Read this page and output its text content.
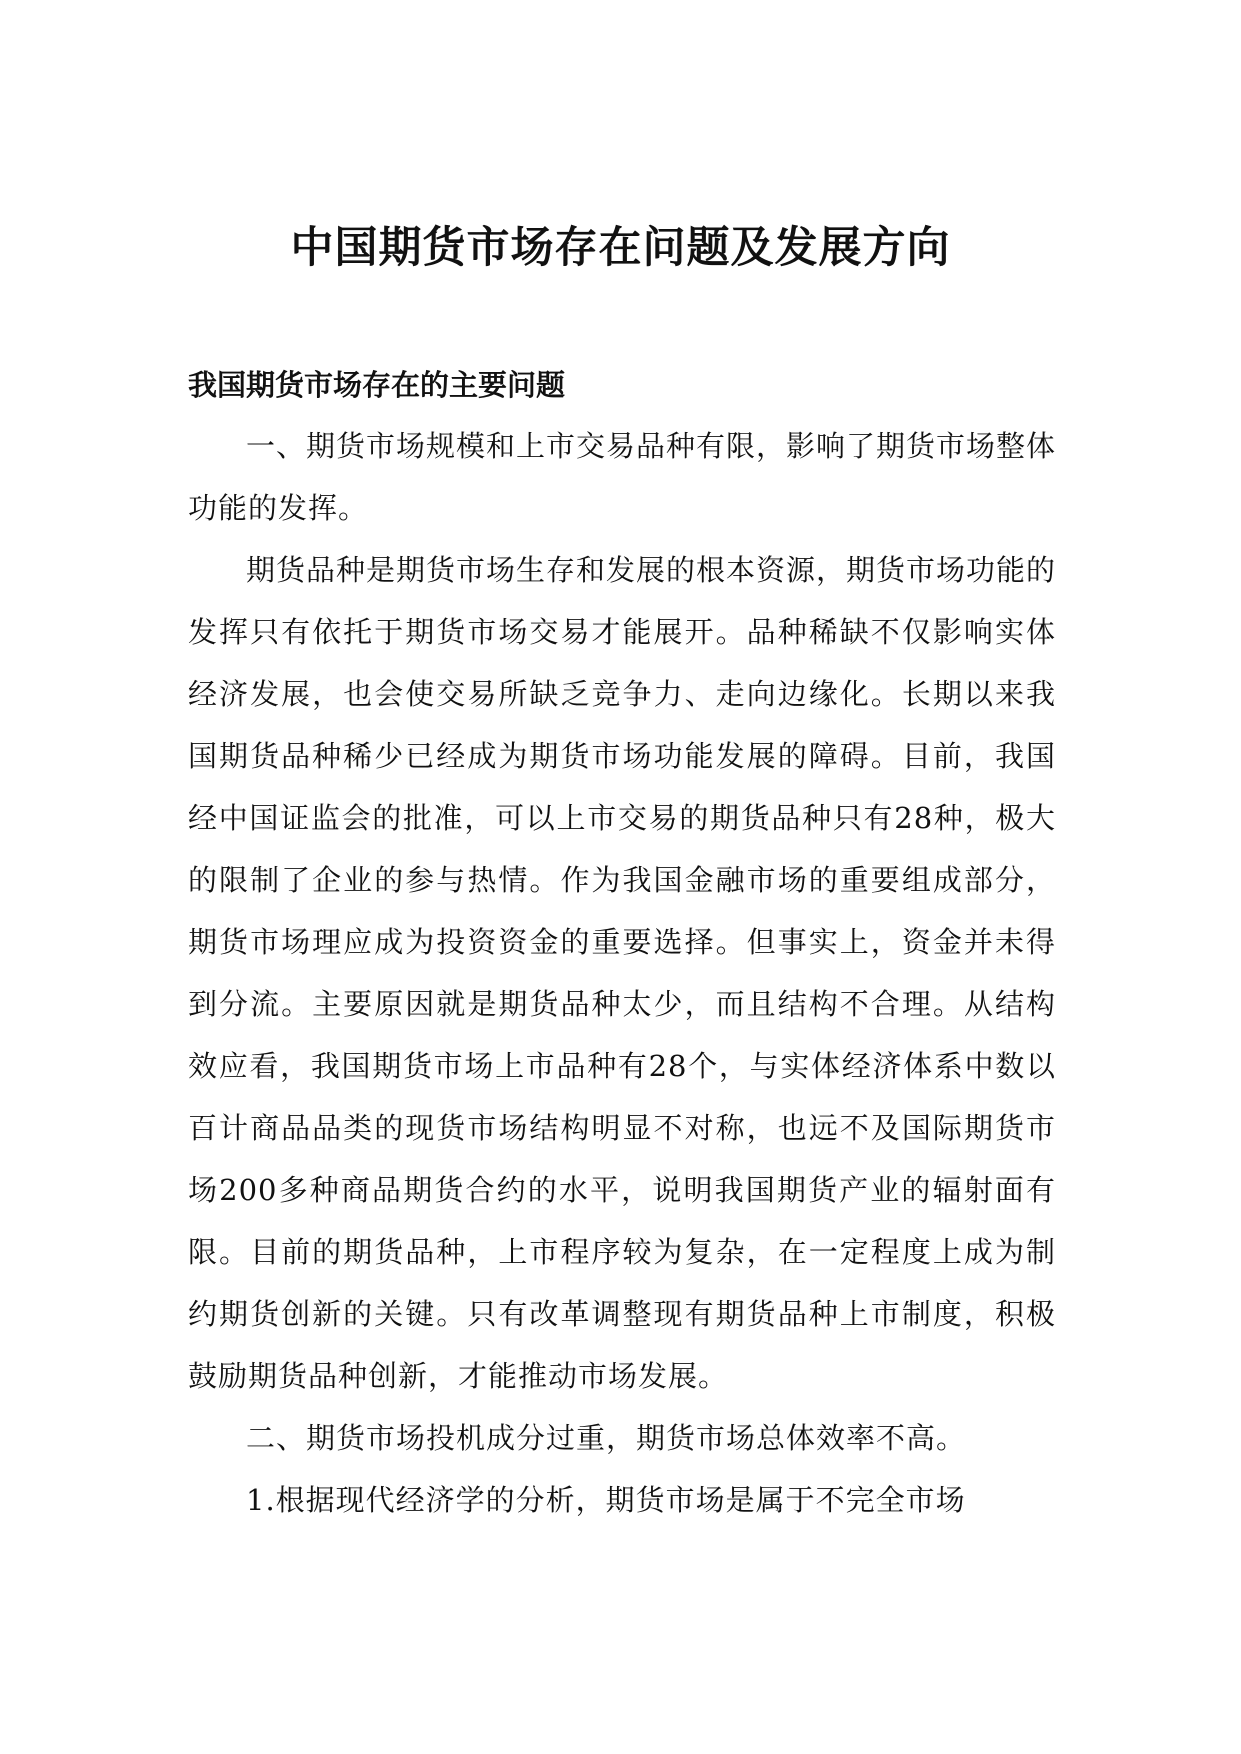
中国期货市场存在问题及发展方向
我国期货市场存在的主要问题

一、期货市场规模和上市交易品种有限，影响了期货市场整体功能的发挥。

期货品种是期货市场生存和发展的根本资源，期货市场功能的发挥只有依托于期货市场交易才能展开。品种稀缺不仅影响实体经济发展，也会使交易所缺乏竞争力、走向边缘化。长期以来我国期货品种稀少已经成为期货市场功能发展的障碍。目前，我国经中国证监会的批准，可以上市交易的期货品种只有28种，极大的限制了企业的参与热情。作为我国金融市场的重要组成部分，期货市场理应成为投资资金的重要选择。但事实上，资金并未得到分流。主要原因就是期货品种太少，而且结构不合理。从结构效应看，我国期货市场上市品种有28个，与实体经济体系中数以百计商品品类的现货市场结构明显不对称，也远不及国际期货市场200多种商品期货合约的水平，说明我国期货产业的辐射面有限。目前的期货品种，上市程序较为复杂，在一定程度上成为制约期货创新的关键。只有改革调整现有期货品种上市制度，积极鼓励期货品种创新，才能推动市场发展。

二、期货市场投机成分过重，期货市场总体效率不高。

1.根据现代经济学的分析，期货市场是属于不完全市场
